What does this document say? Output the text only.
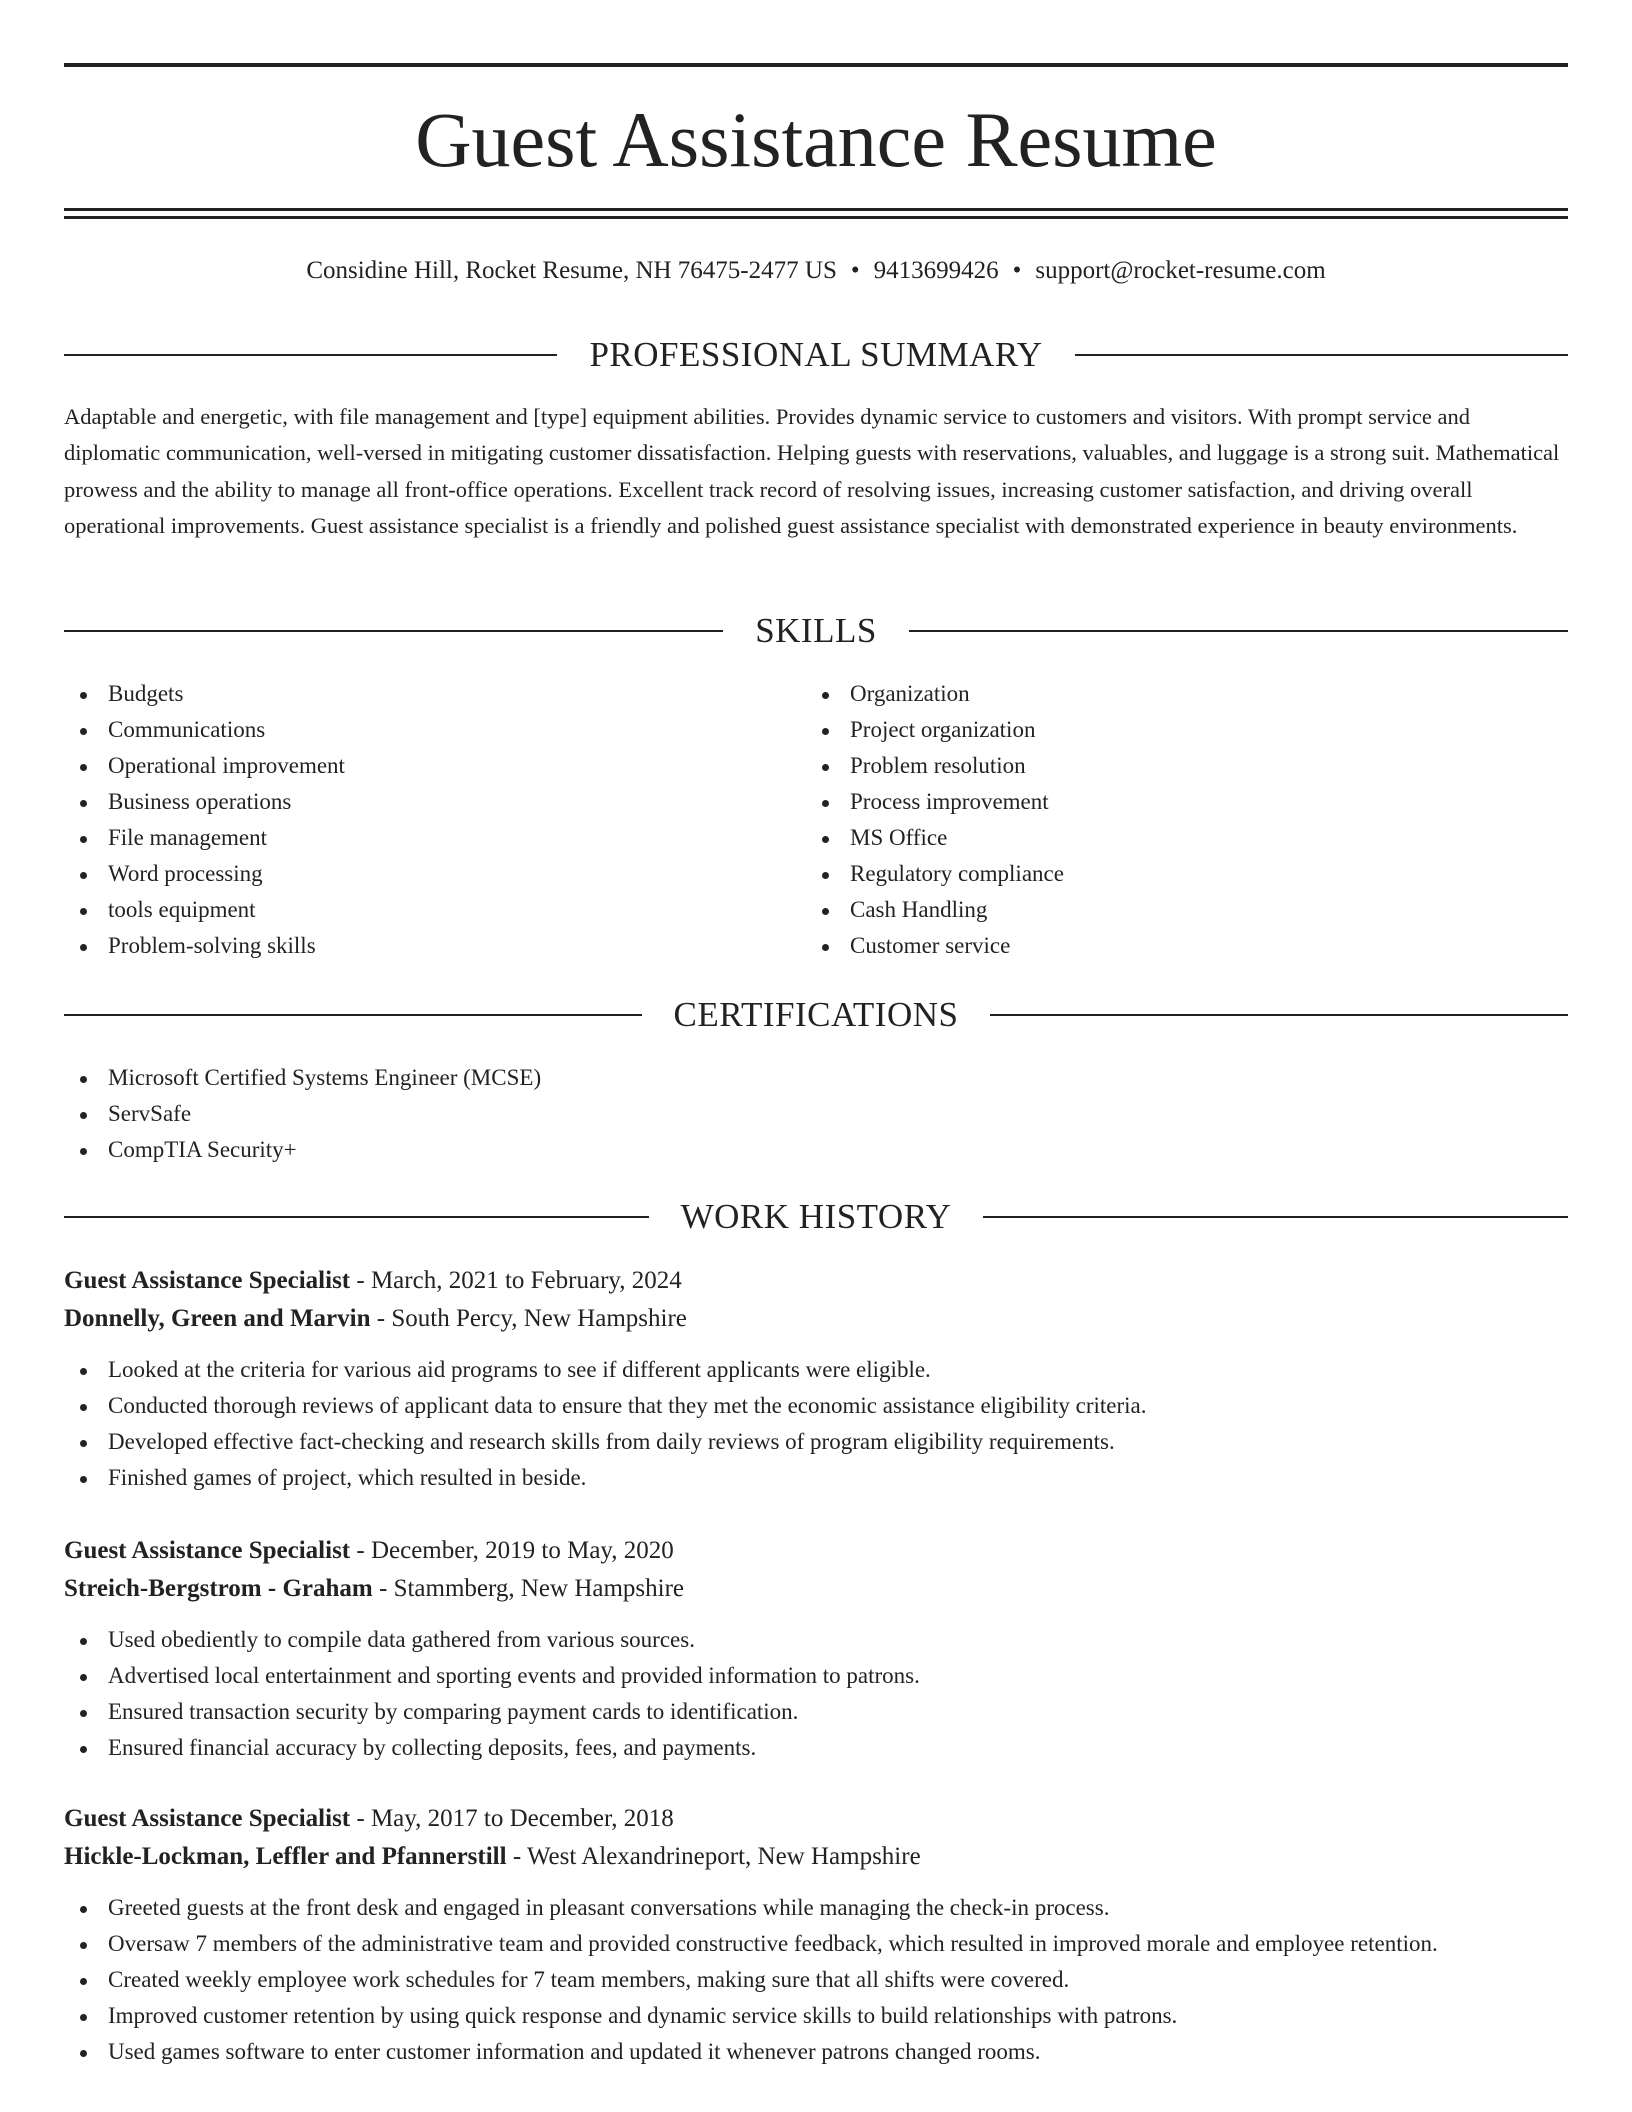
Guest Assistance Resume
Considine Hill, Rocket Resume, NH 76475-2477 US • 9413699426 • support@rocket-resume.com
PROFESSIONAL SUMMARY

Adaptable and energetic, with file management and [type] equipment abilities. Provides dynamic service to customers and visitors. With prompt service and diplomatic communication, well-versed in mitigating customer dissatisfaction. Helping guests with reservations, valuables, and luggage is a strong suit. Mathematical prowess and the ability to manage all front-office operations. Excellent track record of resolving issues, increasing customer satisfaction, and driving overall operational improvements. Guest assistance specialist is a friendly and polished guest assistance specialist with demonstrated experience in beauty environments.

SKILLS
Budgets
Communications
Operational improvement
Business operations
File management
Word processing
tools equipment
Problem-solving skills
Organization
Project organization
Problem resolution
Process improvement
MS Office
Regulatory compliance
Cash Handling
Customer service
CERTIFICATIONS
Microsoft Certified Systems Engineer (MCSE)
ServSafe
CompTIA Security+
WORK HISTORY
Guest Assistance Specialist - March, 2021 to February, 2024
Donnelly, Green and Marvin - South Percy, New Hampshire
Looked at the criteria for various aid programs to see if different applicants were eligible.
Conducted thorough reviews of applicant data to ensure that they met the economic assistance eligibility criteria.
Developed effective fact-checking and research skills from daily reviews of program eligibility requirements.
Finished games of project, which resulted in beside.
Guest Assistance Specialist - December, 2019 to May, 2020
Streich-Bergstrom - Graham - Stammberg, New Hampshire
Used obediently to compile data gathered from various sources.
Advertised local entertainment and sporting events and provided information to patrons.
Ensured transaction security by comparing payment cards to identification.
Ensured financial accuracy by collecting deposits, fees, and payments.
Guest Assistance Specialist - May, 2017 to December, 2018
Hickle-Lockman, Leffler and Pfannerstill - West Alexandrineport, New Hampshire
Greeted guests at the front desk and engaged in pleasant conversations while managing the check-in process.
Oversaw 7 members of the administrative team and provided constructive feedback, which resulted in improved morale and employee retention.
Created weekly employee work schedules for 7 team members, making sure that all shifts were covered.
Improved customer retention by using quick response and dynamic service skills to build relationships with patrons.
Used games software to enter customer information and updated it whenever patrons changed rooms.
